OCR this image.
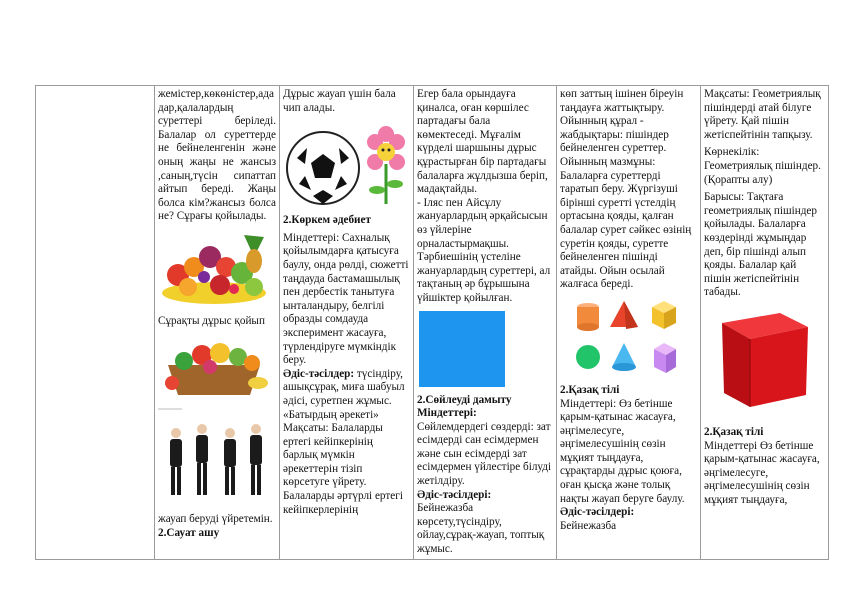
жемістер,көкөністер,ада дар,қалалардың суреттері беріледі. Балалар ол суреттерде не бейнеленгенін және оның жаңы не жансыз ,саның,түсін сипаттап айтып береді. Жаңы болса кім?жансыз болса не? Сұрағы қойылады.

Сұрақты дұрыс қойып

жауап беруді үйретемін.

2.Сауат ашу

Дұрыс жауап үшін бала чип алады.

2.Көркем әдебиет

Міндеттері: Сахналық қойылымдарға қатысуға баулу, онда рөлді, сюжетті таңдауда бастамашылық пен дербестік танытуға ынталандыру, белгілі образды сомдауда эксперимент жасауға, түрлендіруге мүмкіндік беру.

Әдіс-тәсілдер: түсіндіру, ашықсұрақ, миға шабуыл әдісі, суретпен жұмыс. «Батырдың әрекеті» Мақсаты: Балаларды ертегі кейіпкерінің барлық мүмкін әрекеттерін тізіп көрсетуге үйрету. Балаларды әртүрлі ертегі кейіпкерлерінің

Егер бала орындауға қиналса, оған көршілес партадағы бала көмектеседі. Мұғалім күрделі шаршыны дұрыс құрастырған бір партадағы балаларға жұлдызша беріп, мадақтайды.

- Іляс пен Айсұлу жануарлардың әрқайсысын өз үйлеріне орналастырмақшы. Тәрбиешінің үстеліне жануарлардың суреттері, ал тақтаның әр бұрышына үйшіктер қойылған.

2.Сөйлеуді дамыту

Міндеттері:

Сөйлемдердегі сөздерді: зат есімдерді сан есімдермен және сын есімдерді зат есімдермен үйлестіре білуді жетілдіру.

Әдіс-тәсілдері:

Бейнежазба көрсету,түсіндіру, ойлау,сұрақ-жауап, топтық жұмыс.

көп заттың ішінен біреуін таңдауға жаттықтыру. Ойынның құрал - жабдықтары: пішіндер бейнеленген суреттер. Ойынның мазмұны: Балаларға суреттерді таратып беру. Жүргізуші бірінші суретті үстелдің ортасына қояды, қалған балалар сурет сәйкес өзінің суретін қояды, суретте бейнеленген пішінді атайды. Ойын осылай жалғаса береді.

2.Қазақ тілі

Міндеттері: Өз бетінше қарым-қатынас жасауға, әңгімелесуге, әңгімелесушінің сөзін мұқият тыңдауға, сұрақтарды дұрыс қоюға, оған қысқа және толық нақты жауап беруге баулу.

Әдіс-тәсілдері:

Бейнежазба

Мақсаты: Геометриялық пішіндерді атай білуге үйрету. Қай пішін жетіспейтінін тапқызу.

Көрнекілік: Геометриялық пішіндер.(Қорапты алу)

Барысы: Тақтаға геометриялық пішіндер қойылады. Балаларға көздерінді жұмыңдар деп, бір пішінді алып қояды. Балалар қай пішін жетіспейтінін табады.

2.Қазақ тілі

Міндеттері Өз бетінше қарым-қатынас жасауға, әңгімелесуге, әңгімелесушінің сөзін мұқият тыңдауға,
